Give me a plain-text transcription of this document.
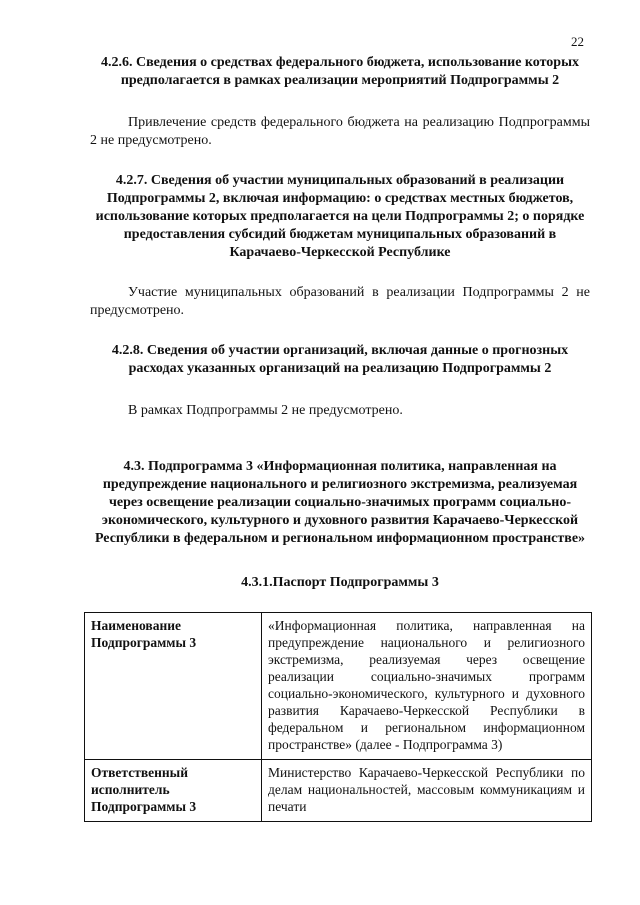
22
4.2.6. Сведения о средствах федерального бюджета, использование которых предполагается в рамках реализации мероприятий Подпрограммы 2

Привлечение средств федерального бюджета на реализацию Подпрограммы 2 не предусмотрено.

4.2.7. Сведения об участии муниципальных образований в реализации Подпрограммы 2, включая информацию: о средствах местных бюджетов, использование которых предполагается на цели Подпрограммы 2; о порядке предоставления субсидий бюджетам муниципальных образований в Карачаево-Черкесской Республике

Участие муниципальных образований в реализации Подпрограммы 2 не предусмотрено.

4.2.8. Сведения об участии организаций, включая данные о прогнозных расходах указанных организаций на реализацию Подпрограммы 2

В рамках Подпрограммы 2 не предусмотрено.

4.3. Подпрограмма 3 «Информационная политика, направленная на предупреждение национального и религиозного экстремизма, реализуемая через освещение реализации социально-значимых программ социально-экономического, культурного и духовного развития Карачаево-Черкесской Республики в федеральном и региональном информационном пространстве»
4.3.1.Паспорт Подпрограммы 3
Наименование Подпрограммы 3	«Информационная политика, направленная на предупреждение национального и религиозного экстремизма, реализуемая через освещение реализации социально-значимых программ социально-экономического, культурного и духовного развития Карачаево-Черкесской Республики в федеральном и региональном информационном пространстве» (далее - Подпрограмма 3)
Ответственный исполнитель Подпрограммы 3	Министерство Карачаево-Черкесской Республики по делам национальностей, массовым коммуникациям и печати
